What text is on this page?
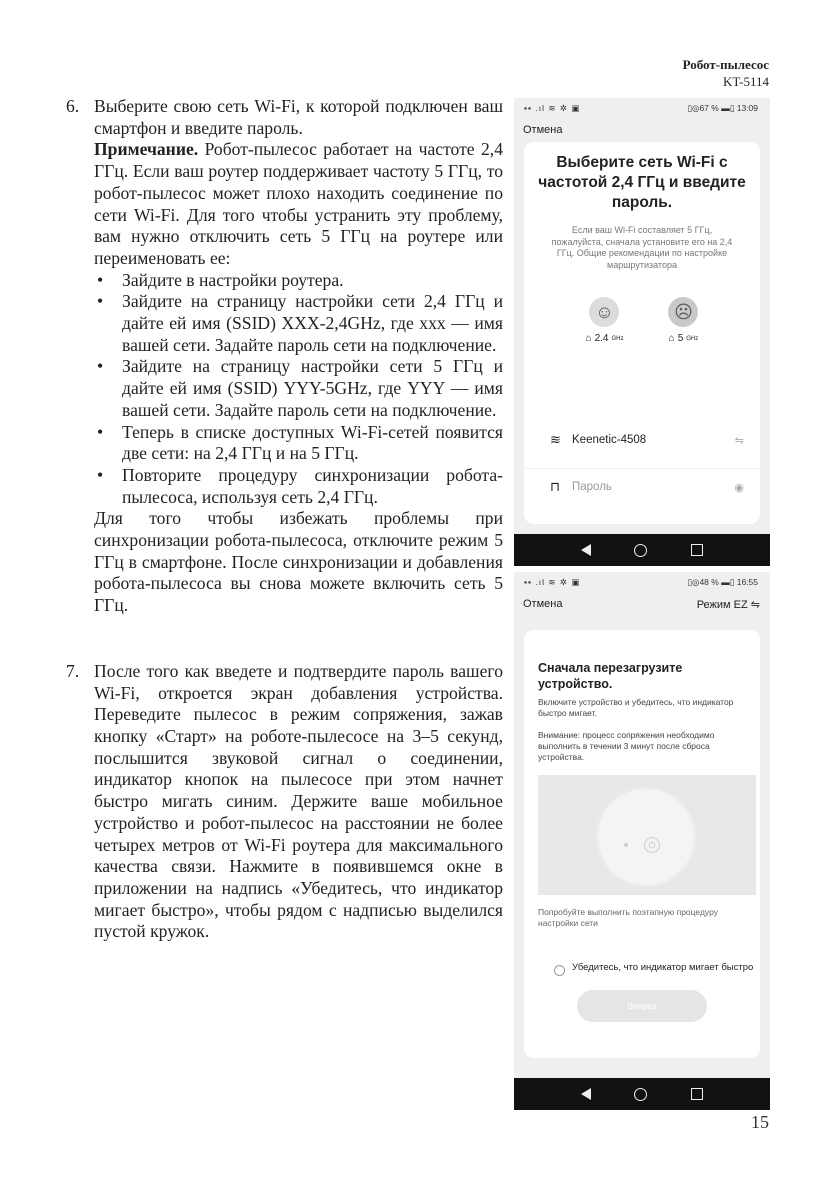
Робот-пылесос
KT-5114
6. Выберите свою сеть Wi-Fi, к которой подключен ваш смартфон и введите пароль.

Примечание. Робот-пылесос работает на частоте 2,4 ГГц. Если ваш роутер поддерживает частоту 5 ГГц, то робот-пылесос может плохо находить соединение по сети Wi-Fi. Для того чтобы устранить эту проблему, вам нужно отключить сеть 5 ГГц на роутере или переименовать ее:

• Зайдите в настройки роутера.
• Зайдите на страницу настройки сети 2,4 ГГц и дайте ей имя (SSID) XXX-2,4GHz, где xxx — имя вашей сети. Задайте пароль сети на подключение.
• Зайдите на страницу настройки сети 5 ГГц и дайте ей имя (SSID) YYY-5GHz, где YYY — имя вашей сети. Задайте пароль сети на подключение.
• Теперь в списке доступных Wi-Fi-сетей появится две сети: на 2,4 ГГц и на 5 ГГц.
• Повторите процедуру синхронизации робота-пылесоса, используя сеть 2,4 ГГц.

Для того чтобы избежать проблемы при синхронизации робота-пылесоса, отключите режим 5 ГГц в смартфоне. После синхронизации и добавления робота-пылесоса вы снова можете включить сеть 5 ГГц.

7. После того как введете и подтвердите пароль вашего Wi-Fi, откроется экран добавления устройства. Переведите пылесос в режим сопряжения, зажав кнопку «Старт» на роботе-пылесосе на 3–5 секунд, послышится звуковой сигнал о соединении, индикатор кнопок на пылесосе при этом начнет быстро мигать синим. Держите ваше мобильное устройство и робот-пылесос на расстоянии не более четырех метров от Wi-Fi роутера для максимального качества связи. Нажмите в появившемся окне в приложении на надпись «Убедитесь, что индикатор мигает быстро», чтобы рядом с надписью выделился пустой кружок.

▪▪ .ıl ≋ ✲ ▣	▯◎67 % ▬▯ 13:09
Отмена
Выберите сеть Wi-Fi с частотой 2,4 ГГц и введите пароль.
Если ваш Wi-Fi составляет 5 ГГц, пожалуйста, сначала установите его на 2,4 ГГц. Общие рекомендации по настройке маршрутизатора
☺
⌂ 2.4 GHz
☹
⌂ 5 GHz
≋ Keenetic-4508	⇋
⊓	Пароль	◉
▪▪ .ıl ≋ ✲ ▣	▯◎48 % ▬▯ 16:55
Отмена	Режим EZ ⇋
Сначала перезагрузите устройство.
Включите устройство и убедитесь, что индикатор быстро мигает.
Внимание: процесс сопряжения необходимо выполнить в течении 3 минут после сброса устройства.
⏻
Попробуйте выполнить поэтапную процедуру настройки сети
Убедитесь, что индикатор мигает быстро
Вперед
15
